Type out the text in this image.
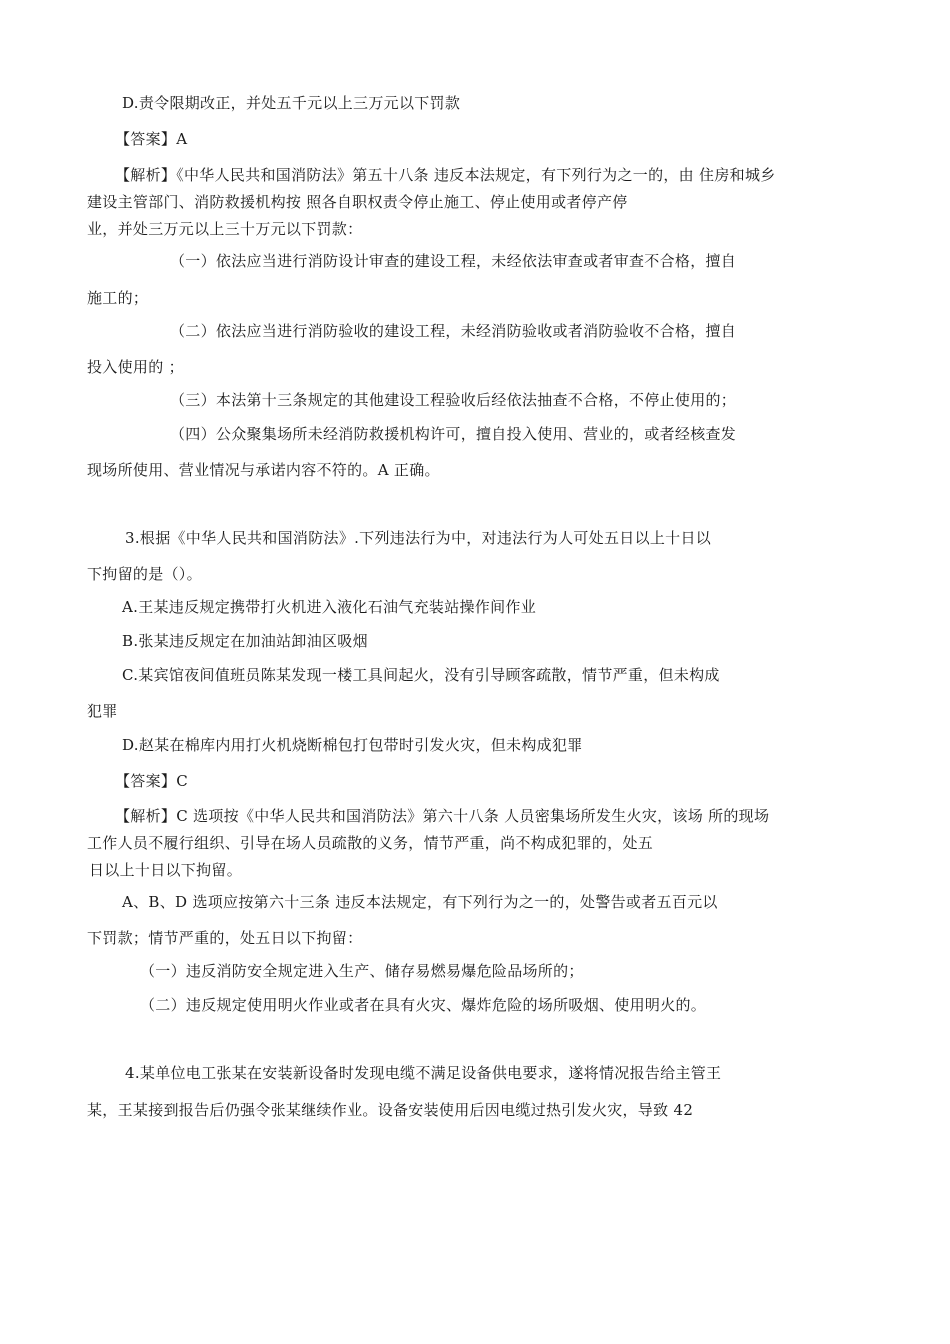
D.责令限期改正，并处五千元以上三万元以下罚款
【答案】A
【解析】《中华人民共和国消防法》第五十八条 违反本法规定，有下列行为之一的，由 住房和城乡
建设主管部门、消防救援机构按 照各自职权责令停止施工、停止使用或者停产停
业，并处三万元以上三十万元以下罚款：
（一）依法应当进行消防设计审查的建设工程，未经依法审查或者审查不合格，擅自
施工的；
（二）依法应当进行消防验收的建设工程，未经消防验收或者消防验收不合格，擅自
投入使用的 ；
（三）本法第十三条规定的其他建设工程验收后经依法抽查不合格，不停止使用的；
（四）公众聚集场所未经消防救援机构许可，擅自投入使用、营业的，或者经核查发
现场所使用、营业情况与承诺内容不符的。A 正确。
3.根据《中华人民共和国消防法》.下列违法行为中，对违法行为人可处五日以上十日以
下拘留的是（）。
A.王某违反规定携带打火机进入液化石油气充装站操作间作业
B.张某违反规定在加油站卸油区吸烟
C.某宾馆夜间值班员陈某发现一楼工具间起火，没有引导顾客疏散，情节严重，但未构成
犯罪
D.赵某在棉库内用打火机烧断棉包打包带时引发火灾，但未构成犯罪
【答案】C
【解析】C 选项按《中华人民共和国消防法》第六十八条 人员密集场所发生火灾，该场 所的现场
工作人员不履行组织、引导在场人员疏散的义务，情节严重，尚不构成犯罪的，处五
日以上十日以下拘留。
A、B、D 选项应按第六十三条 违反本法规定，有下列行为之一的，处警告或者五百元以
下罚款；情节严重的，处五日以下拘留：
（一）违反消防安全规定进入生产、储存易燃易爆危险品场所的；
（二）违反规定使用明火作业或者在具有火灾、爆炸危险的场所吸烟、使用明火的。
4.某单位电工张某在安装新设备时发现电缆不满足设备供电要求，遂将情况报告给主管王
某，王某接到报告后仍强令张某继续作业。设备安装使用后因电缆过热引发火灾，导致 42
